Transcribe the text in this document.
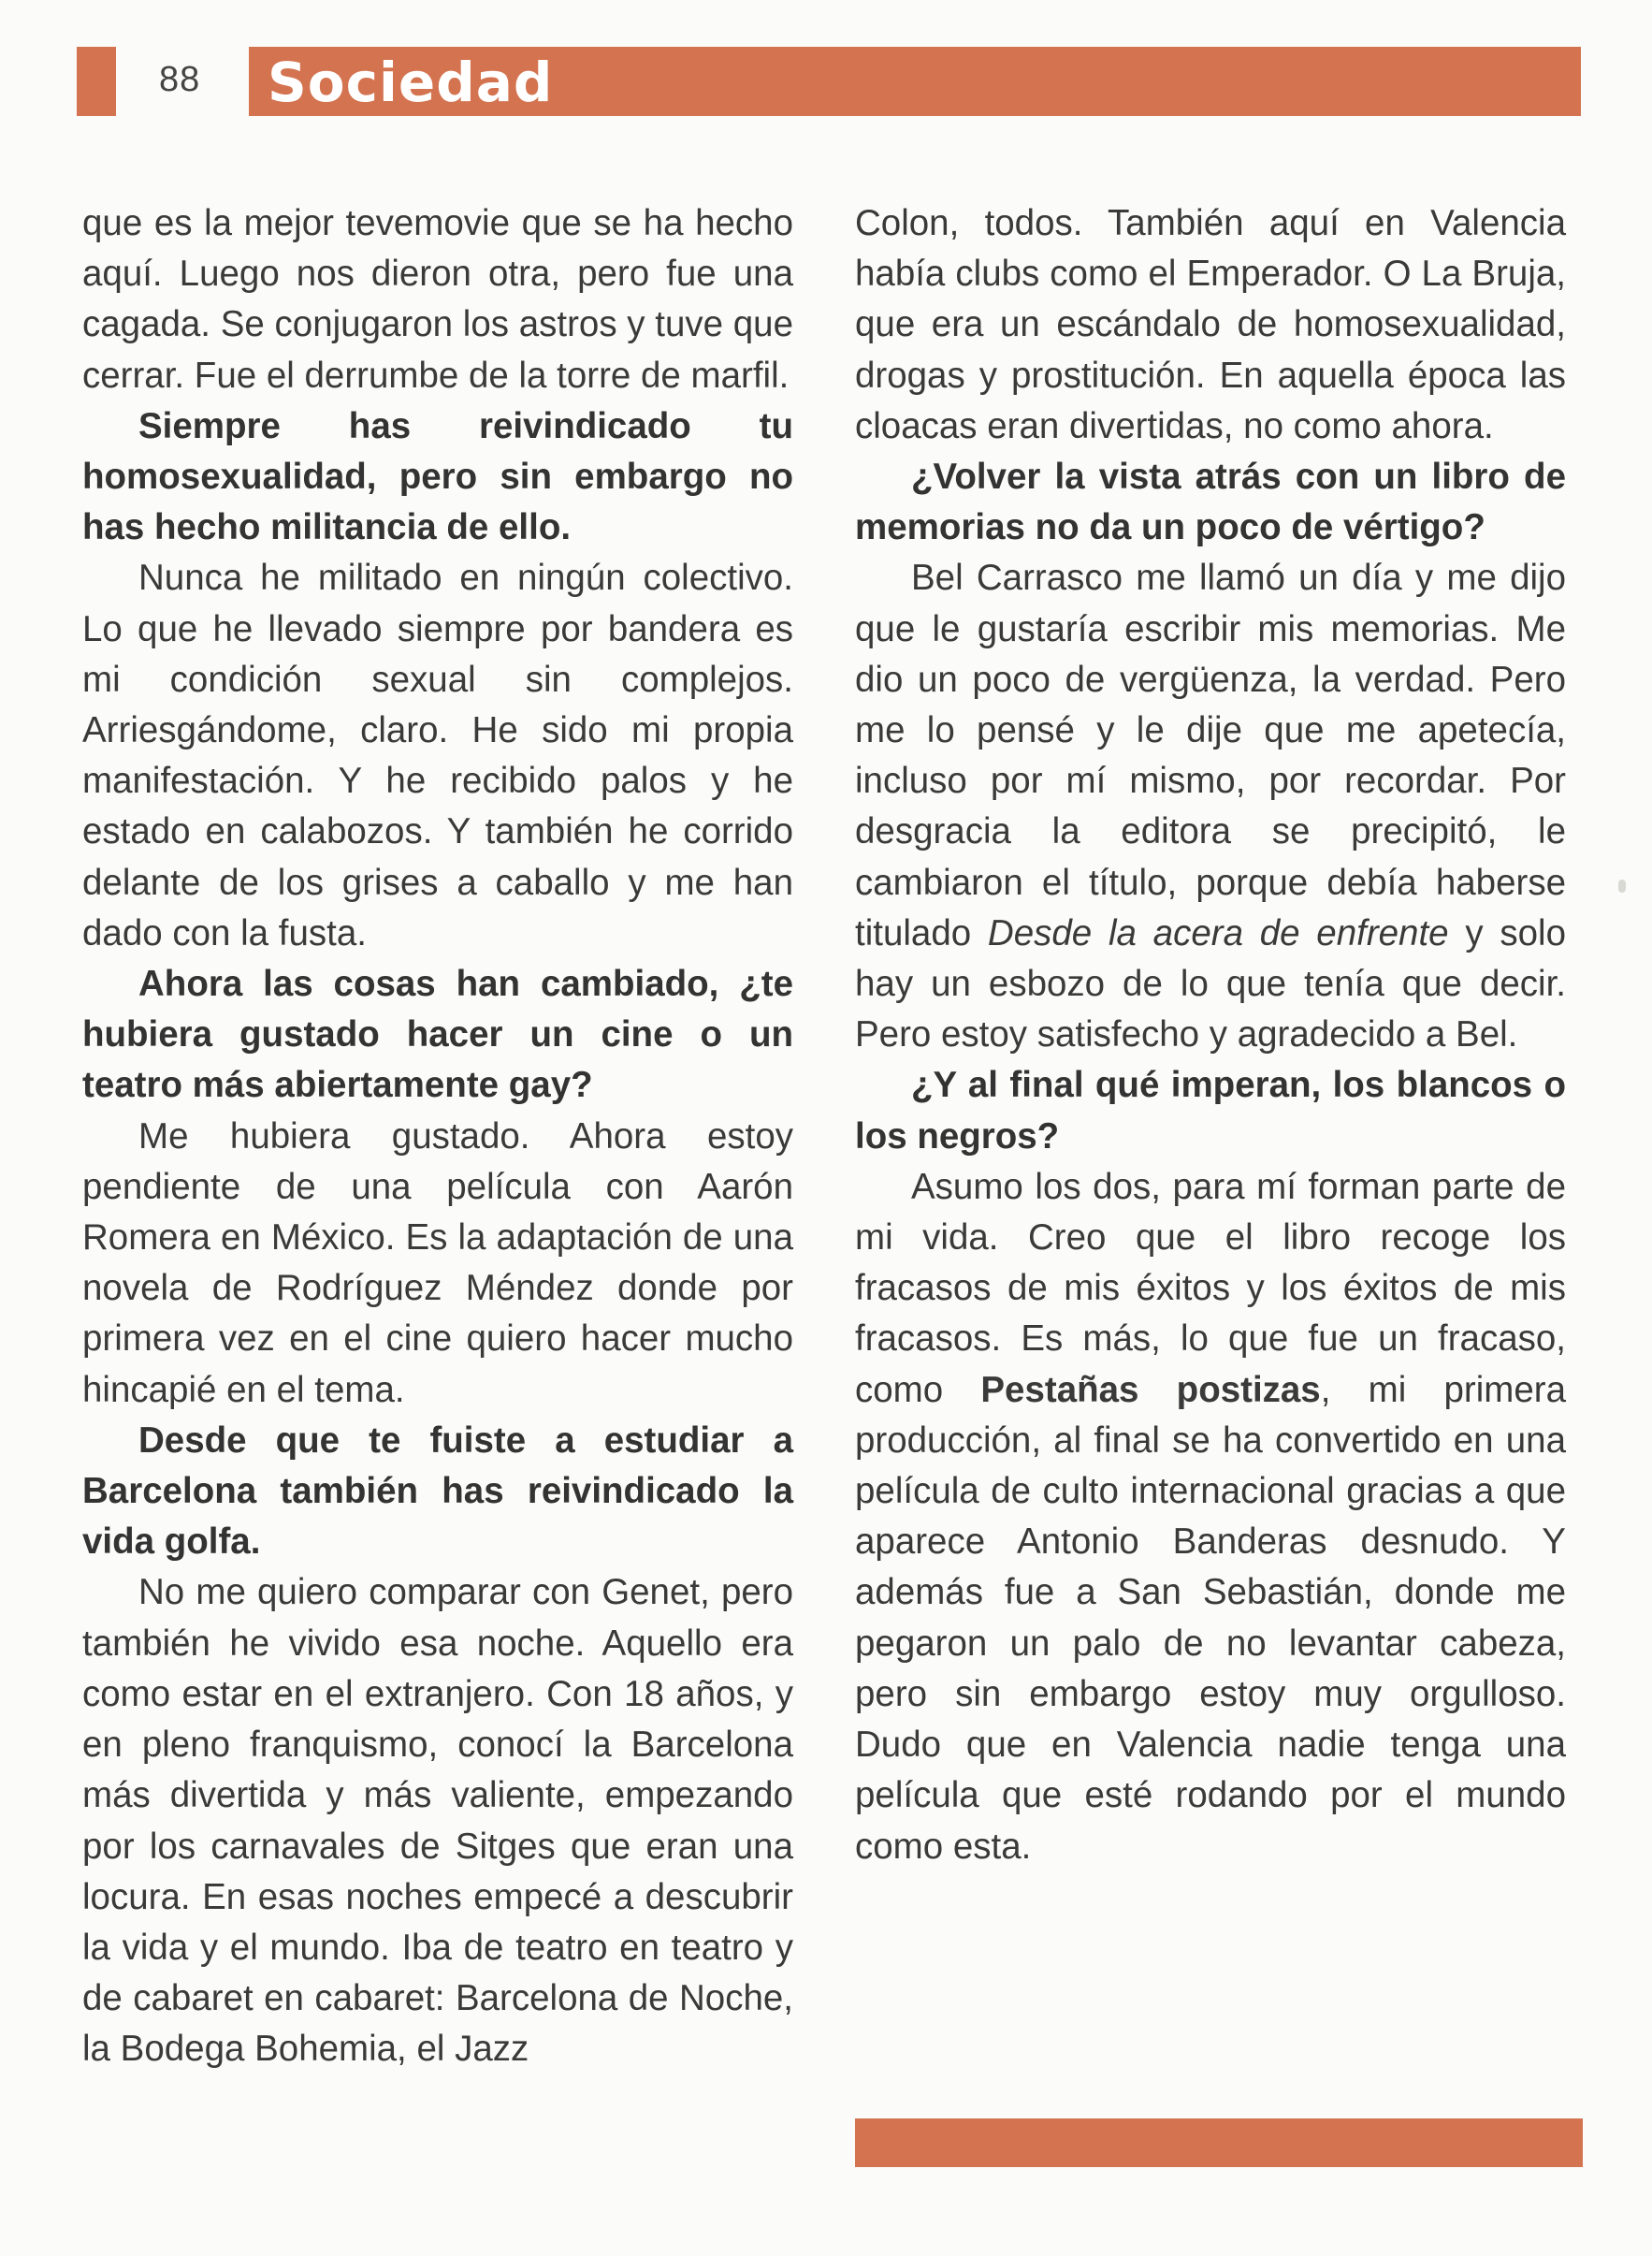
88 Sociedad

que es la mejor tevemovie que se ha hecho aquí. Luego nos dieron otra, pero fue una cagada. Se conjugaron los astros y tuve que cerrar. Fue el derrumbe de la torre de marfil.

Siempre has reivindicado tu homosexualidad, pero sin embargo no has hecho militancia de ello.

Nunca he militado en ningún colectivo. Lo que he llevado siempre por bandera es mi condición sexual sin complejos. Arriesgándome, claro. He sido mi propia manifestación. Y he recibido palos y he estado en calabozos. Y también he corrido delante de los grises a caballo y me han dado con la fusta.

Ahora las cosas han cambiado, ¿te hubiera gustado hacer un cine o un teatro más abiertamente gay?

Me hubiera gustado. Ahora estoy pendiente de una película con Aarón Romera en México. Es la adaptación de una novela de Rodríguez Méndez donde por primera vez en el cine quiero hacer mucho hincapié en el tema.

Desde que te fuiste a estudiar a Barcelona también has reivindicado la vida golfa.

No me quiero comparar con Genet, pero también he vivido esa noche. Aquello era como estar en el extranjero. Con 18 años, y en pleno franquismo, conocí la Barcelona más divertida y más valiente, empezando por los carnavales de Sitges que eran una locura. En esas noches empecé a descubrir la vida y el mundo. Iba de teatro en teatro y de cabaret en cabaret: Barcelona de Noche, la Bodega Bohemia, el Jazz

Colon, todos. También aquí en Valencia había clubs como el Emperador. O La Bruja, que era un escándalo de homosexualidad, drogas y prostitución. En aquella época las cloacas eran divertidas, no como ahora.

¿Volver la vista atrás con un libro de memorias no da un poco de vértigo?

Bel Carrasco me llamó un día y me dijo que le gustaría escribir mis memorias. Me dio un poco de vergüenza, la verdad. Pero me lo pensé y le dije que me apetecía, incluso por mí mismo, por recordar. Por desgracia la editora se precipitó, le cambiaron el título, porque debía haberse titulado Desde la acera de enfrente y solo hay un esbozo de lo que tenía que decir. Pero estoy satisfecho y agradecido a Bel.

¿Y al final qué imperan, los blancos o los negros?

Asumo los dos, para mí forman parte de mi vida. Creo que el libro recoge los fracasos de mis éxitos y los éxitos de mis fracasos. Es más, lo que fue un fracaso, como Pestañas postizas, mi primera producción, al final se ha convertido en una película de culto internacional gracias a que aparece Antonio Banderas desnudo. Y además fue a San Sebastián, donde me pegaron un palo de no levantar cabeza, pero sin embargo estoy muy orgulloso. Dudo que en Valencia nadie tenga una película que esté rodando por el mundo como esta.
